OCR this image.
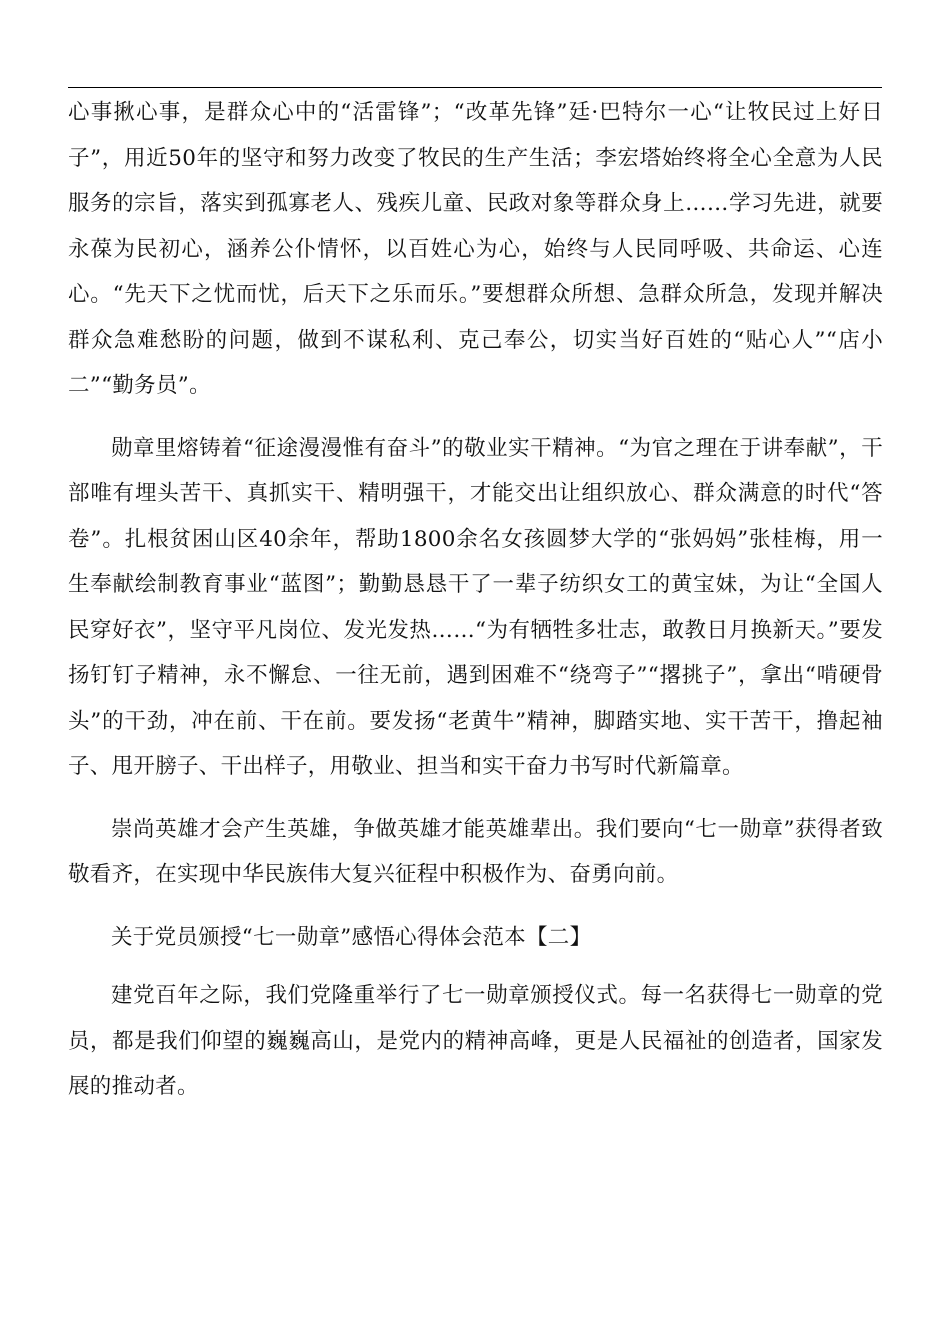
心事揪心事，是群众心中的“活雷锋”；“改革先锋”廷·巴特尔一心“让牧民过上好日子”，用近50年的坚守和努力改变了牧民的生产生活；李宏塔始终将全心全意为人民服务的宗旨，落实到孤寡老人、残疾儿童、民政对象等群众身上……学习先进，就要永葆为民初心，涵养公仆情怀，以百姓心为心，始终与人民同呼吸、共命运、心连心。“先天下之忧而忧，后天下之乐而乐。”要想群众所想、急群众所急，发现并解决群众急难愁盼的问题，做到不谋私利、克己奉公，切实当好百姓的“贴心人”“店小二”“勤务员”。

勋章里熔铸着“征途漫漫惟有奋斗”的敬业实干精神。“为官之理在于讲奉献”，干部唯有埋头苦干、真抓实干、精明强干，才能交出让组织放心、群众满意的时代“答卷”。扎根贫困山区40余年，帮助1800余名女孩圆梦大学的“张妈妈”张桂梅，用一生奉献绘制教育事业“蓝图”；勤勤恳恳干了一辈子纺织女工的黄宝妹，为让“全国人民穿好衣”，坚守平凡岗位、发光发热……“为有牺牲多壮志，敢教日月换新天。”要发扬钉钉子精神，永不懈怠、一往无前，遇到困难不“绕弯子”“撂挑子”，拿出“啃硬骨头”的干劲，冲在前、干在前。要发扬“老黄牛”精神，脚踏实地、实干苦干，撸起袖子、甩开膀子、干出样子，用敬业、担当和实干奋力书写时代新篇章。

崇尚英雄才会产生英雄，争做英雄才能英雄辈出。我们要向“七一勋章”获得者致敬看齐，在实现中华民族伟大复兴征程中积极作为、奋勇向前。

关于党员颁授“七一勋章”感悟心得体会范本【二】

建党百年之际，我们党隆重举行了七一勋章颁授仪式。每一名获得七一勋章的党员，都是我们仰望的巍巍高山，是党内的精神高峰，更是人民福祉的创造者，国家发展的推动者。
